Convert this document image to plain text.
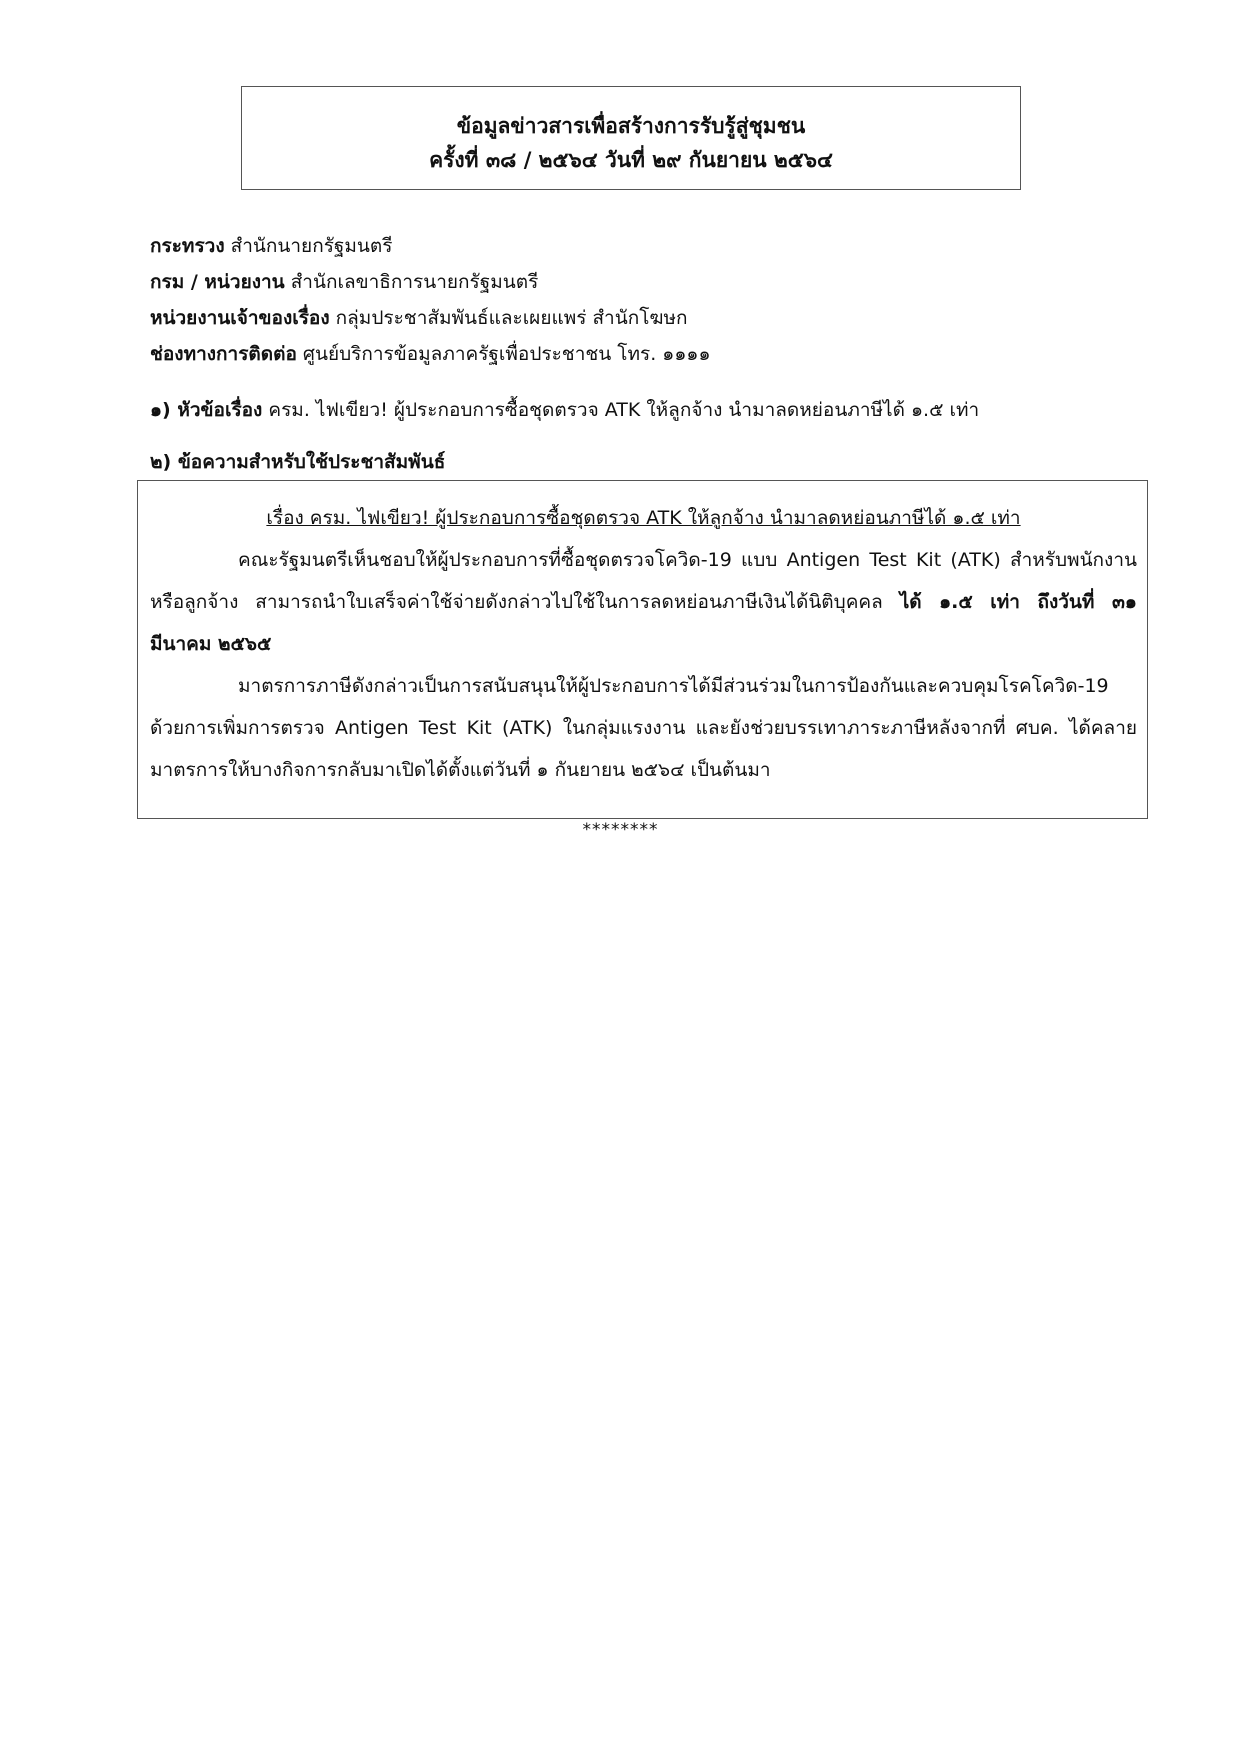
ข้อมูลข่าวสารเพื่อสร้างการรับรู้สู่ชุมชน
ครั้งที่ ๓๘ / ๒๕๖๔ วันที่ ๒๙ กันยายน ๒๕๖๔
กระทรวง สำนักนายกรัฐมนตรี
กรม / หน่วยงาน สำนักเลขาธิการนายกรัฐมนตรี
หน่วยงานเจ้าของเรื่อง กลุ่มประชาสัมพันธ์และเผยแพร่ สำนักโฆษก
ช่องทางการติดต่อ ศูนย์บริการข้อมูลภาครัฐเพื่อประชาชน โทร. ๑๑๑๑
๑) หัวข้อเรื่อง ครม. ไฟเขียว! ผู้ประกอบการซื้อชุดตรวจ ATK ให้ลูกจ้าง นำมาลดหย่อนภาษีได้ ๑.๕ เท่า
๒) ข้อความสำหรับใช้ประชาสัมพันธ์
เรื่อง ครม. ไฟเขียว! ผู้ประกอบการซื้อชุดตรวจ ATK ให้ลูกจ้าง นำมาลดหย่อนภาษีได้ ๑.๕ เท่า
คณะรัฐมนตรีเห็นชอบให้ผู้ประกอบการที่ซื้อชุดตรวจโควิด-19 แบบ Antigen Test Kit (ATK) สำหรับพนักงานหรือลูกจ้าง สามารถนำใบเสร็จค่าใช้จ่ายดังกล่าวไปใช้ในการลดหย่อนภาษีเงินได้นิติบุคคล ได้ ๑.๕ เท่า ถึงวันที่ ๓๑ มีนาคม ๒๕๖๕
มาตรการภาษีดังกล่าวเป็นการสนับสนุนให้ผู้ประกอบการได้มีส่วนร่วมในการป้องกันและควบคุมโรคโควิด-19 ด้วยการเพิ่มการตรวจ Antigen Test Kit (ATK) ในกลุ่มแรงงาน และยังช่วยบรรเทาภาระภาษีหลังจากที่ ศบค. ได้คลายมาตรการให้บางกิจการกลับมาเปิดได้ตั้งแต่วันที่ ๑ กันยายน ๒๕๖๔ เป็นต้นมา
********
